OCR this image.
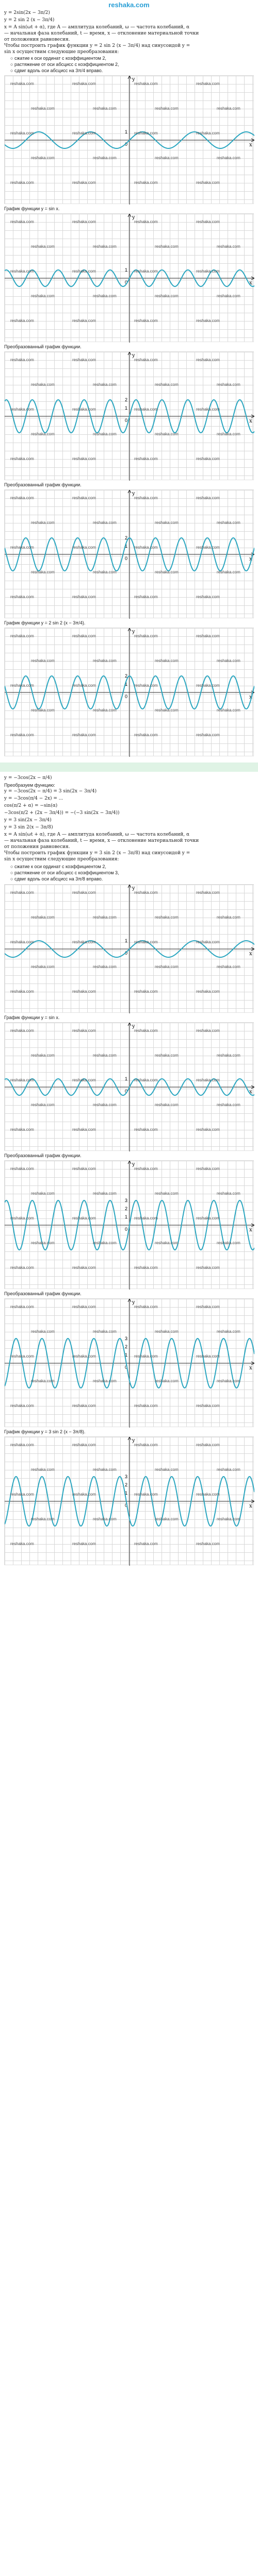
reshaka.com
y = 2sin(2x − 3π/2)
y = 2 sin 2 (x − 3π/4)
x = A sin(ωt + α), где A — амплитуда колебаний, ω — частота колебаний, α
— начальная фаза колебаний, t — время, x — отклонение материальной точки
от положения равновесия.
Чтобы построить график функции y = 2 sin 2 (x − 3π/4) над синусоидой y =
sin x осуществим следующие преобразования:
○ сжатие к оси ординат с коэффициентом 2,
○ растяжение от оси абсцисс с коэффициентом 2,
○ сдвиг вдоль оси абсцисс на 3π/4 вправо.
x
y
0
1
График функции y = sin x.
x
y
0
1
Преобразованный график функции.
x
y
0
1
2
Преобразованный график функции.
x
y
0
1
2
График функции y = 2 sin 2 (x − 3π/4).
x
y
0
1
2
y = −3cos(2x − π/4)
Преобразуем функцию:
y = −3cos(2x − π/4) = 3 sin(2x − 3π/4)
y = −3cos(π/4 − 2x) = ...
cos(π/2 + α) = −sin(α)
−3cos(π/2 + (2x − 3π/4)) = −(−3 sin(2x − 3π/4))
y = 3 sin(2x − 3π/4)
y = 3 sin 2(x − 3π/8)
x = A sin(ωt + α), где A — амплитуда колебаний, ω — частота колебаний, α
— начальная фаза колебаний, t — время, x — отклонение материальной точки
от положения равновесия.
Чтобы построить график функции y = 3 sin 2 (x − 3π/8) над синусоидой y =
sin x осуществим следующие преобразования:
○ сжатие к оси ординат с коэффициентом 2,
○ растяжение от оси абсцисс с коэффициентом 3,
○ сдвиг вдоль оси абсцисс на 3π/8 вправо.
x
y
0
1
График функции y = sin x.
x
y
0
1
Преобразованный график функции.
x
y
0
1
2
3
Преобразованный график функции.
x
y
0
1
2
3
График функции y = 3 sin 2 (x − 3π/8).
x
y
0
1
2
3
reshaka.com	reshaka.com	reshaka.com	reshaka.com
reshaka.com	reshaka.com	reshaka.com	reshaka.com
reshaka.com	reshaka.com	reshaka.com	reshaka.com
reshaka.com	reshaka.com	reshaka.com	reshaka.com
reshaka.com	reshaka.com	reshaka.com	reshaka.com
reshaka.com	reshaka.com	reshaka.com	reshaka.com
reshaka.com	reshaka.com	reshaka.com	reshaka.com
reshaka.com	reshaka.com	reshaka.com	reshaka.com
reshaka.com	reshaka.com	reshaka.com	reshaka.com
reshaka.com	reshaka.com	reshaka.com	reshaka.com
reshaka.com	reshaka.com	reshaka.com	reshaka.com
reshaka.com	reshaka.com	reshaka.com	reshaka.com
reshaka.com	reshaka.com	reshaka.com	reshaka.com
reshaka.com	reshaka.com	reshaka.com	reshaka.com
reshaka.com	reshaka.com	reshaka.com	reshaka.com
reshaka.com	reshaka.com	reshaka.com	reshaka.com
reshaka.com	reshaka.com	reshaka.com	reshaka.com
reshaka.com	reshaka.com	reshaka.com	reshaka.com
reshaka.com	reshaka.com	reshaka.com	reshaka.com
reshaka.com	reshaka.com	reshaka.com	reshaka.com
reshaka.com	reshaka.com	reshaka.com	reshaka.com
reshaka.com	reshaka.com	reshaka.com	reshaka.com
reshaka.com	reshaka.com	reshaka.com	reshaka.com
reshaka.com	reshaka.com	reshaka.com	reshaka.com
reshaka.com	reshaka.com	reshaka.com	reshaka.com
reshaka.com	reshaka.com	reshaka.com	reshaka.com
reshaka.com	reshaka.com	reshaka.com	reshaka.com
reshaka.com	reshaka.com	reshaka.com	reshaka.com
reshaka.com	reshaka.com	reshaka.com	reshaka.com
reshaka.com	reshaka.com	reshaka.com	reshaka.com
reshaka.com	reshaka.com	reshaka.com	reshaka.com
reshaka.com	reshaka.com	reshaka.com	reshaka.com
reshaka.com	reshaka.com	reshaka.com	reshaka.com
reshaka.com	reshaka.com	reshaka.com	reshaka.com
reshaka.com	reshaka.com	reshaka.com	reshaka.com
reshaka.com	reshaka.com	reshaka.com	reshaka.com
reshaka.com	reshaka.com	reshaka.com	reshaka.com
reshaka.com	reshaka.com	reshaka.com	reshaka.com
reshaka.com	reshaka.com	reshaka.com	reshaka.com
reshaka.com	reshaka.com	reshaka.com	reshaka.com
reshaka.com	reshaka.com	reshaka.com	reshaka.com
reshaka.com	reshaka.com	reshaka.com	reshaka.com
reshaka.com	reshaka.com	reshaka.com	reshaka.com
reshaka.com	reshaka.com	reshaka.com	reshaka.com
reshaka.com	reshaka.com	reshaka.com	reshaka.com
reshaka.com	reshaka.com	reshaka.com	reshaka.com
reshaka.com	reshaka.com	reshaka.com	reshaka.com
reshaka.com	reshaka.com	reshaka.com	reshaka.com
reshaka.com	reshaka.com	reshaka.com	reshaka.com
reshaka.com	reshaka.com	reshaka.com	reshaka.com
